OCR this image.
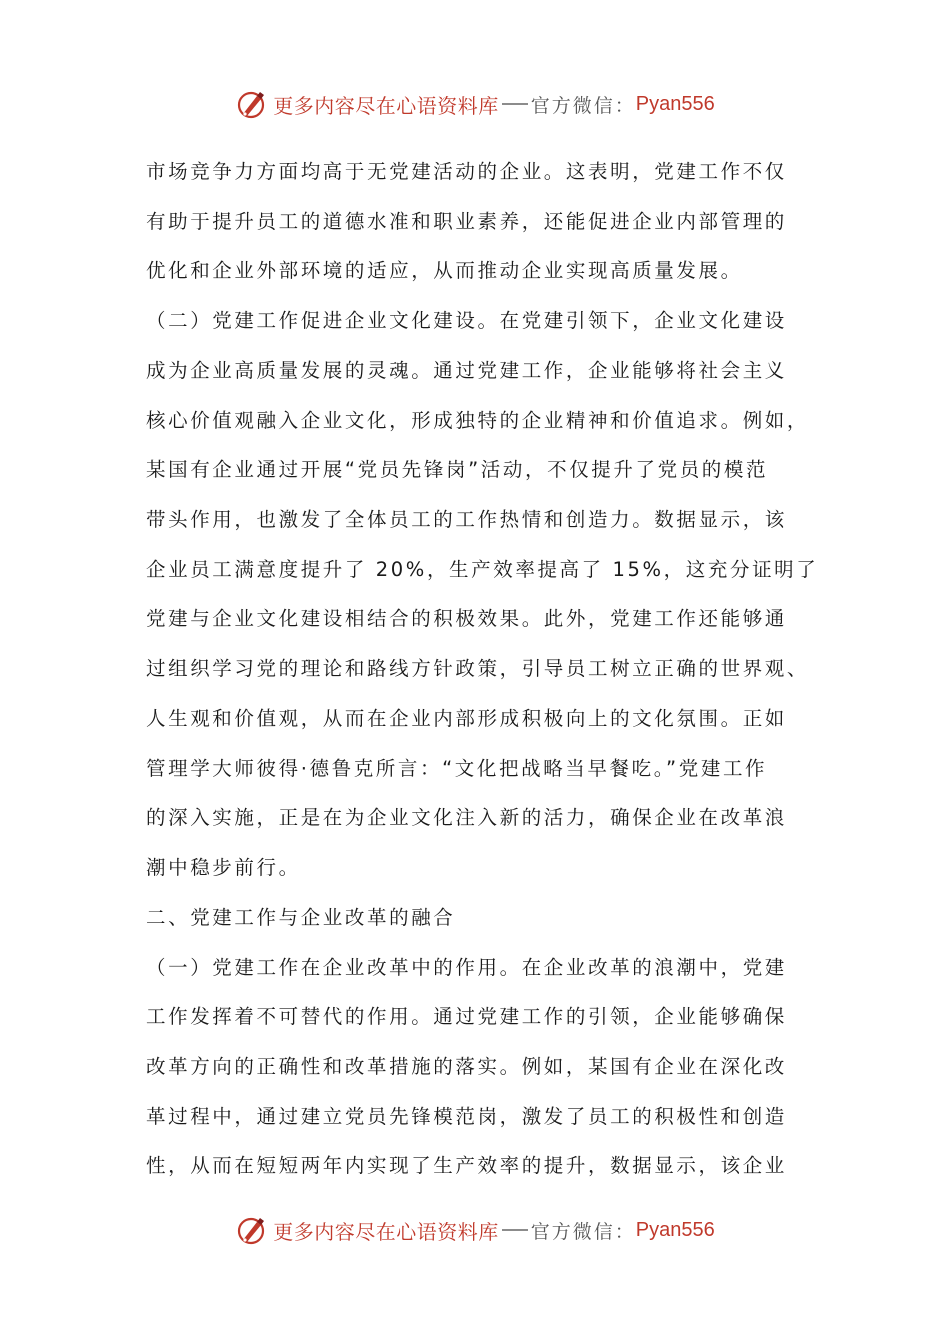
更多内容尽在心语资料库 官方微信： Pyan556
市场竞争力方面均高于无党建活动的企业。这表明，党建工作不仅
有助于提升员工的道德水准和职业素养，还能促进企业内部管理的
优化和企业外部环境的适应，从而推动企业实现高质量发展。
（二）党建工作促进企业文化建设。在党建引领下，企业文化建设
成为企业高质量发展的灵魂。通过党建工作，企业能够将社会主义
核心价值观融入企业文化，形成独特的企业精神和价值追求。例如，
某国有企业通过开展“党员先锋岗”活动，不仅提升了党员的模范
带头作用，也激发了全体员工的工作热情和创造力。数据显示，该
企业员工满意度提升了 20%，生产效率提高了 15%，这充分证明了
党建与企业文化建设相结合的积极效果。此外，党建工作还能够通
过组织学习党的理论和路线方针政策，引导员工树立正确的世界观、
人生观和价值观，从而在企业内部形成积极向上的文化氛围。正如
管理学大师彼得·德鲁克所言：“文化把战略当早餐吃。”党建工作
的深入实施，正是在为企业文化注入新的活力，确保企业在改革浪
潮中稳步前行。
二、党建工作与企业改革的融合
（一）党建工作在企业改革中的作用。在企业改革的浪潮中，党建
工作发挥着不可替代的作用。通过党建工作的引领，企业能够确保
改革方向的正确性和改革措施的落实。例如，某国有企业在深化改
革过程中，通过建立党员先锋模范岗，激发了员工的积极性和创造
性，从而在短短两年内实现了生产效率的提升，数据显示，该企业
更多内容尽在心语资料库 官方微信： Pyan556
